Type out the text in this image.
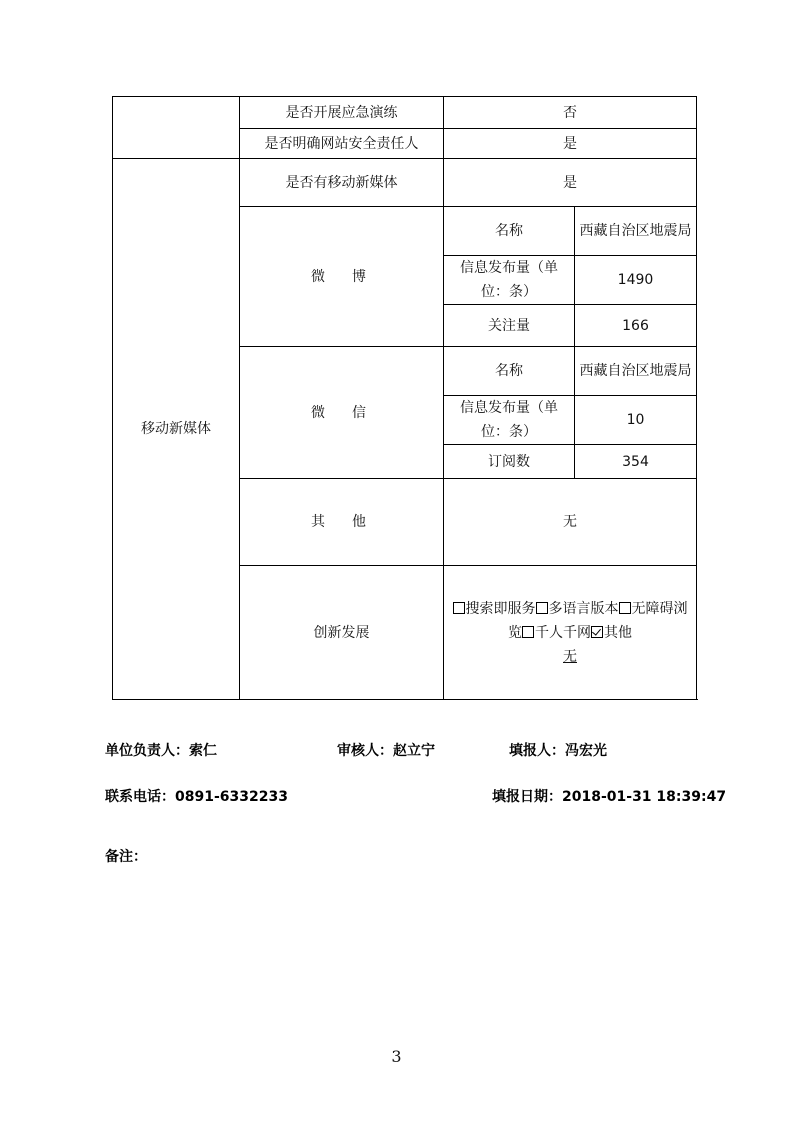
	是否开展应急演练	否	
	是否明确网站安全责任人	是	
移动新媒体	是否有移动新媒体	是	
	微  博	名称	西藏自治区地震局
		信息发布量（单位：条）	1490
		关注量	166
	微  信	名称	西藏自治区地震局
		信息发布量（单位：条）	10
		订阅数	354
	其  他	无	
	创新发展	搜索即服务 多语言版本 无障碍浏览 千人千网 其他
无	
单位负责人：索仁	审核人：赵立宁	填报人：冯宏光
联系电话：0891-6332233	填报日期：2018-01-31 18:39:47
备注：
3
